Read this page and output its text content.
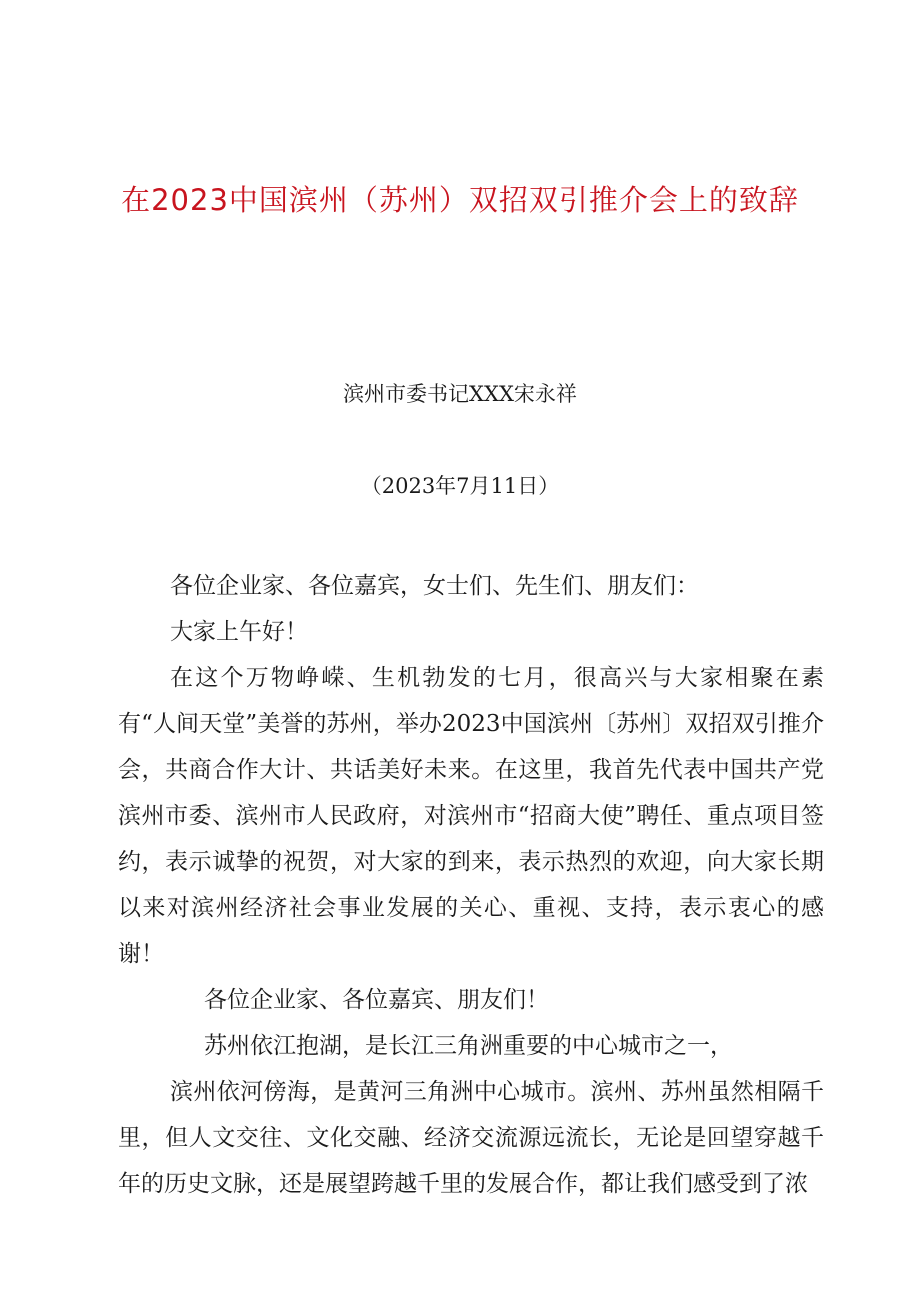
在2023中国滨州（苏州）双招双引推介会上的致辞
滨州市委书记XXX宋永祥
（2023年7月11日）

各位企业家、各位嘉宾，女士们、先生们、朋友们：

大家上午好！

在这个万物峥嵘、生机勃发的七月，很高兴与大家相聚在素有“人间天堂”美誉的苏州，举办2023中国滨州〔苏州〕双招双引推介会，共商合作大计、共话美好未来。在这里，我首先代表中国共产党滨州市委、滨州市人民政府，对滨州市“招商大使”聘任、重点项目签约，表示诚挚的祝贺，对大家的到来，表示热烈的欢迎，向大家长期以来对滨州经济社会事业发展的关心、重视、支持，表示衷心的感谢！

各位企业家、各位嘉宾、朋友们！

苏州依江抱湖，是长江三角洲重要的中心城市之一，

滨州依河傍海，是黄河三角洲中心城市。滨州、苏州虽然相隔千里，但人文交往、文化交融、经济交流源远流长，无论是回望穿越千年的历史文脉，还是展望跨越千里的发展合作，都让我们感受到了浓
